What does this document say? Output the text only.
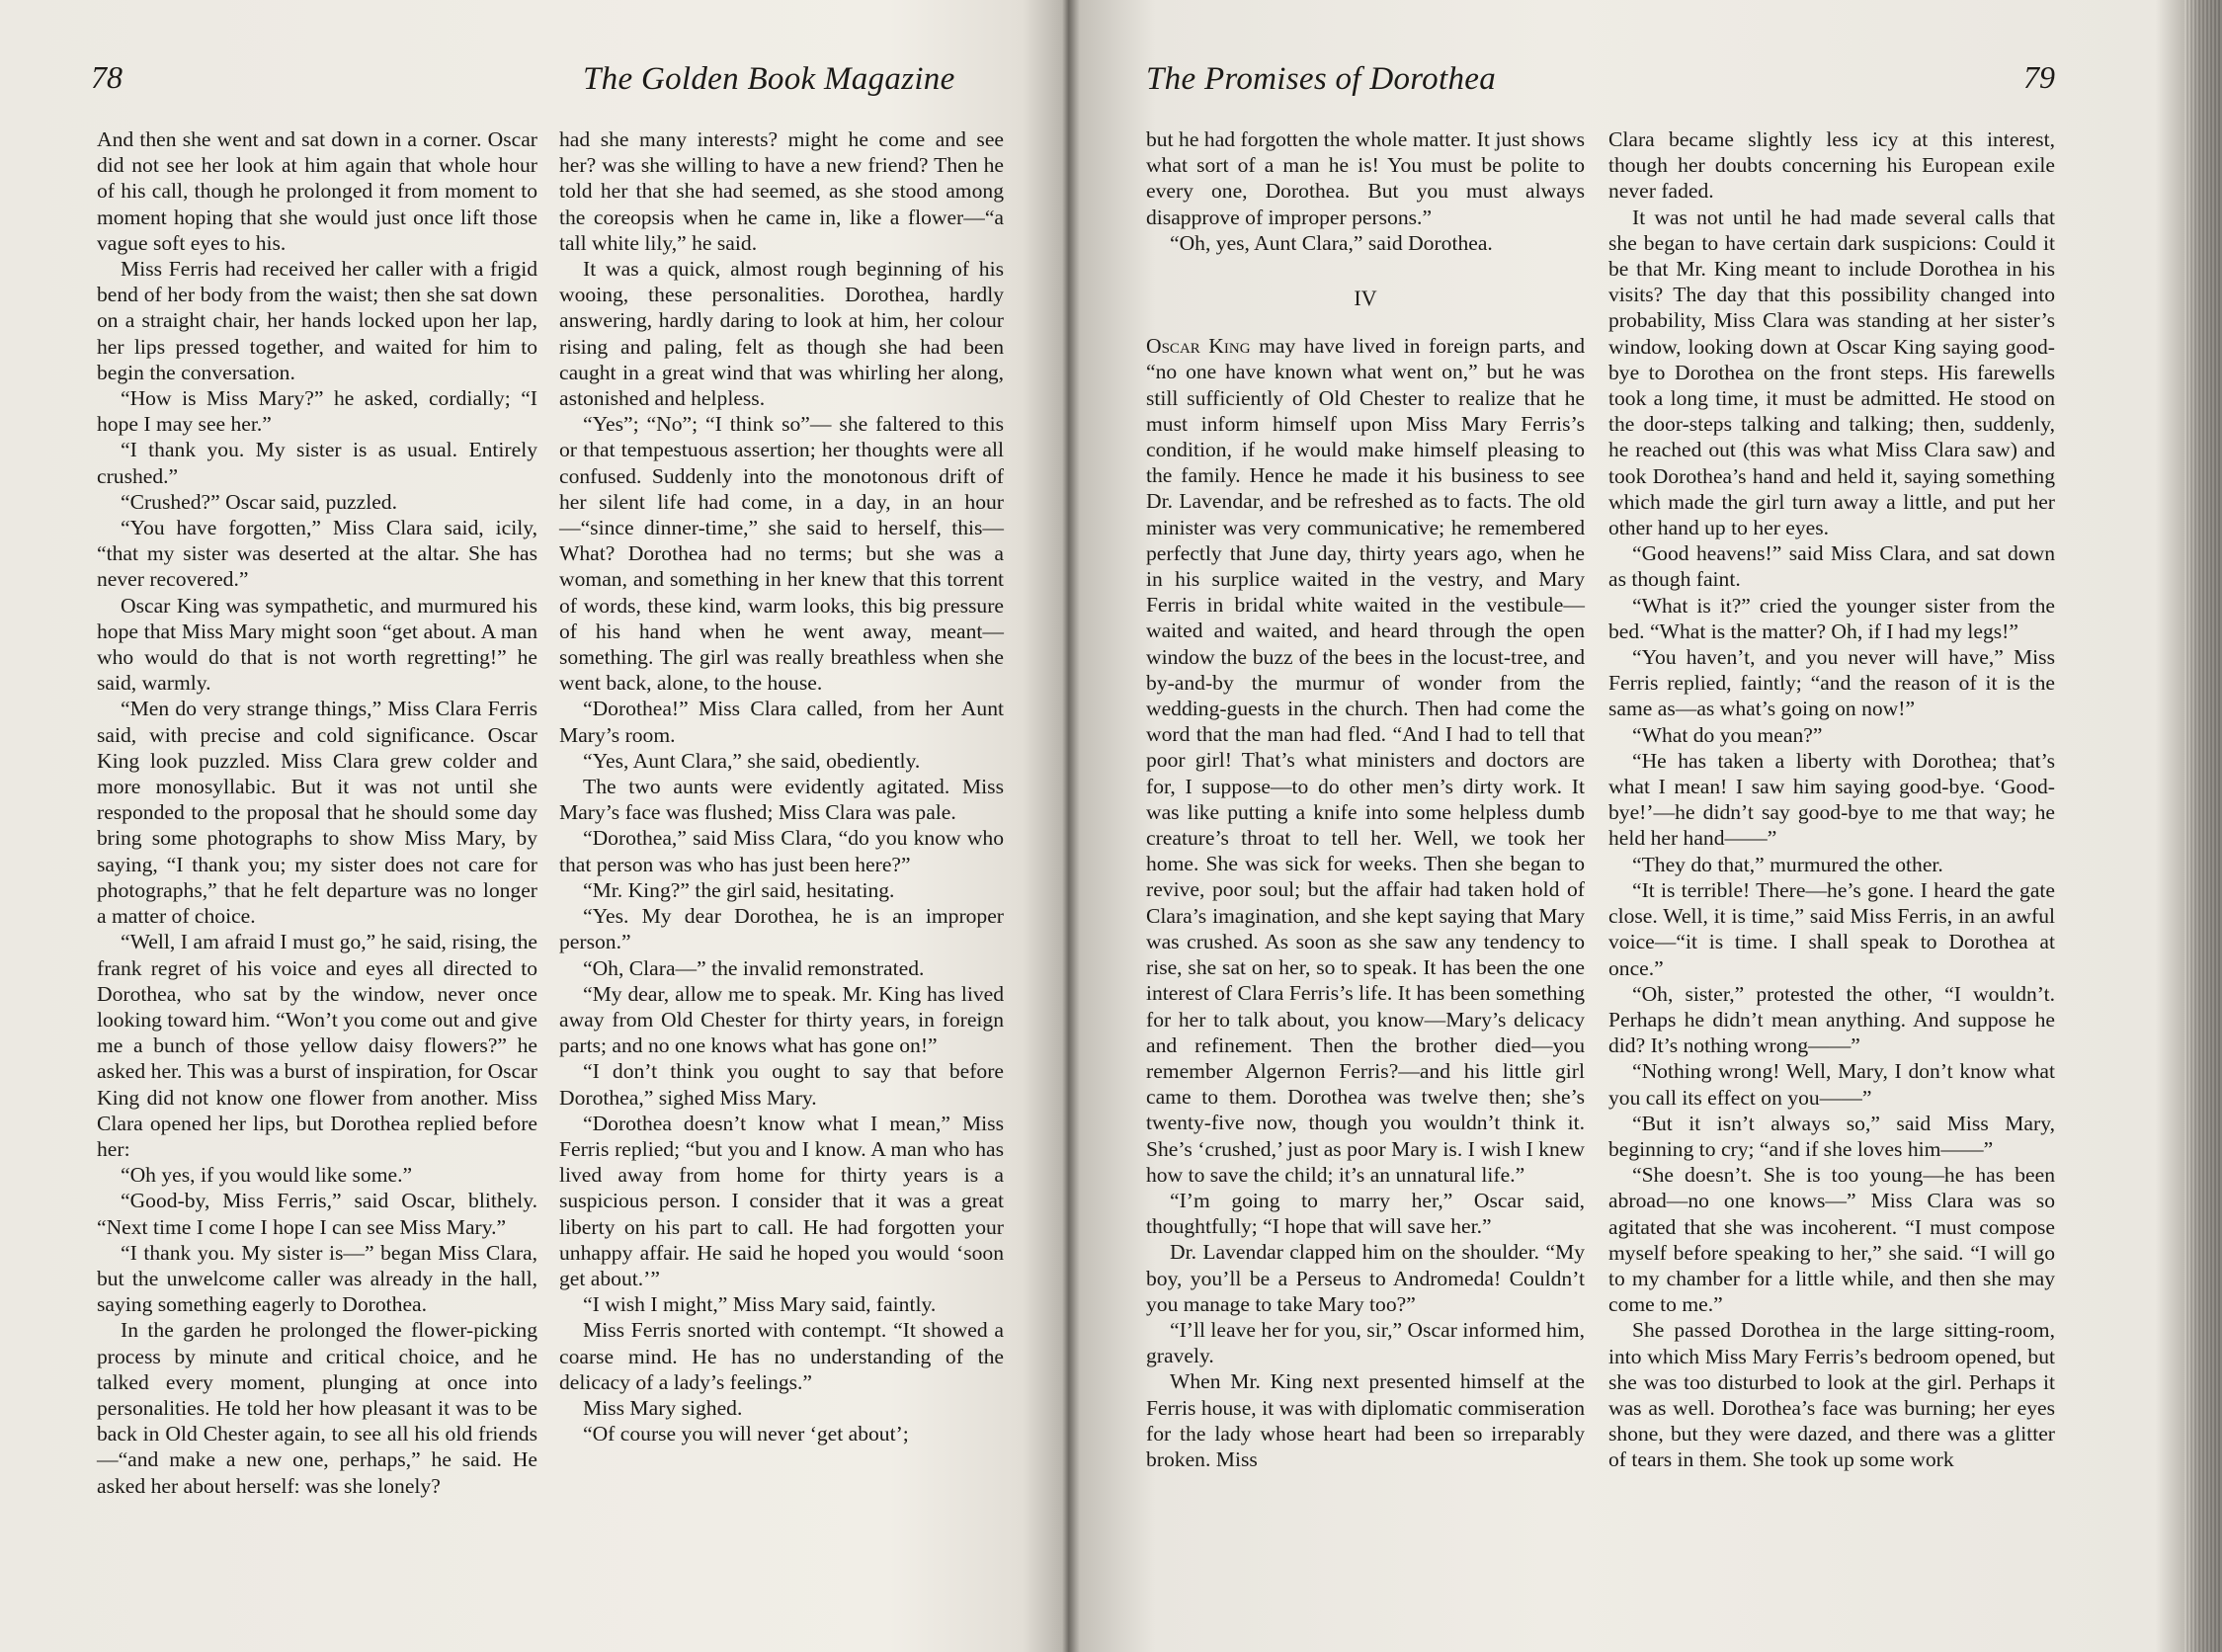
78	The Golden Book Magazine

And then she went and sat down in a corner. Oscar did not see her look at him again that whole hour of his call, though he prolonged it from moment to moment hoping that she would just once lift those vague soft eyes to his.

Miss Ferris had received her caller with a frigid bend of her body from the waist; then she sat down on a straight chair, her hands locked upon her lap, her lips pressed together, and waited for him to begin the conversation.

“How is Miss Mary?” he asked, cordially; “I hope I may see her.”

“I thank you. My sister is as usual. Entirely crushed.”

“Crushed?” Oscar said, puzzled.

“You have forgotten,” Miss Clara said, icily, “that my sister was deserted at the altar. She has never recovered.”

Oscar King was sympathetic, and murmured his hope that Miss Mary might soon “get about. A man who would do that is not worth regretting!” he said, warmly.

“Men do very strange things,” Miss Clara Ferris said, with precise and cold significance. Oscar King look puzzled. Miss Clara grew colder and more monosyllabic. But it was not until she responded to the proposal that he should some day bring some photographs to show Miss Mary, by saying, “I thank you; my sister does not care for photographs,” that he felt departure was no longer a matter of choice.

“Well, I am afraid I must go,” he said, rising, the frank regret of his voice and eyes all directed to Dorothea, who sat by the window, never once looking toward him. “Won’t you come out and give me a bunch of those yellow daisy flowers?” he asked her. This was a burst of inspiration, for Oscar King did not know one flower from another. Miss Clara opened her lips, but Dorothea replied before her:

“Oh yes, if you would like some.”

“Good-by, Miss Ferris,” said Oscar, blithely. “Next time I come I hope I can see Miss Mary.”

“I thank you. My sister is—” began Miss Clara, but the unwelcome caller was already in the hall, saying something eagerly to Dorothea.

In the garden he prolonged the flower-picking process by minute and critical choice, and he talked every moment, plunging at once into personalities. He told her how pleasant it was to be back in Old Chester again, to see all his old friends—“and make a new one, perhaps,” he said. He asked her about herself: was she lonely?

had she many interests? might he come and see her? was she willing to have a new friend? Then he told her that she had seemed, as she stood among the coreopsis when he came in, like a flower—“a tall white lily,” he said.

It was a quick, almost rough beginning of his wooing, these personalities. Dorothea, hardly answering, hardly daring to look at him, her colour rising and paling, felt as though she had been caught in a great wind that was whirling her along, astonished and helpless.

“Yes”; “No”; “I think so”— she faltered to this or that tempestuous assertion; her thoughts were all confused. Suddenly into the monotonous drift of her silent life had come, in a day, in an hour—“since dinner-time,” she said to herself, this—What? Dorothea had no terms; but she was a woman, and something in her knew that this torrent of words, these kind, warm looks, this big pressure of his hand when he went away, meant—something. The girl was really breathless when she went back, alone, to the house.

“Dorothea!” Miss Clara called, from her Aunt Mary’s room.

“Yes, Aunt Clara,” she said, obediently.

The two aunts were evidently agitated. Miss Mary’s face was flushed; Miss Clara was pale.

“Dorothea,” said Miss Clara, “do you know who that person was who has just been here?”

“Mr. King?” the girl said, hesitating.

“Yes. My dear Dorothea, he is an improper person.”

“Oh, Clara—” the invalid remonstrated.

“My dear, allow me to speak. Mr. King has lived away from Old Chester for thirty years, in foreign parts; and no one knows what has gone on!”

“I don’t think you ought to say that before Dorothea,” sighed Miss Mary.

“Dorothea doesn’t know what I mean,” Miss Ferris replied; “but you and I know. A man who has lived away from home for thirty years is a suspicious person. I consider that it was a great liberty on his part to call. He had forgotten your unhappy affair. He said he hoped you would ‘soon get about.’”

“I wish I might,” Miss Mary said, faintly.

Miss Ferris snorted with contempt. “It showed a coarse mind. He has no understanding of the delicacy of a lady’s feelings.”

Miss Mary sighed.

“Of course you will never ‘get about’;

The Promises of Dorothea	79

but he had forgotten the whole matter. It just shows what sort of a man he is! You must be polite to every one, Dorothea. But you must always disapprove of improper persons.”

“Oh, yes, Aunt Clara,” said Dorothea.

IV

Oscar King may have lived in foreign parts, and “no one have known what went on,” but he was still sufficiently of Old Chester to realize that he must inform himself upon Miss Mary Ferris’s condition, if he would make himself pleasing to the family. Hence he made it his business to see Dr. Lavendar, and be refreshed as to facts. The old minister was very communicative; he remembered perfectly that June day, thirty years ago, when he in his surplice waited in the vestry, and Mary Ferris in bridal white waited in the vestibule—waited and waited, and heard through the open window the buzz of the bees in the locust-tree, and by-and-by the murmur of wonder from the wedding-guests in the church. Then had come the word that the man had fled. “And I had to tell that poor girl! That’s what ministers and doctors are for, I suppose—to do other men’s dirty work. It was like putting a knife into some helpless dumb creature’s throat to tell her. Well, we took her home. She was sick for weeks. Then she began to revive, poor soul; but the affair had taken hold of Clara’s imagination, and she kept saying that Mary was crushed. As soon as she saw any tendency to rise, she sat on her, so to speak. It has been the one interest of Clara Ferris’s life. It has been something for her to talk about, you know—Mary’s delicacy and refinement. Then the brother died—you remember Algernon Ferris?—and his little girl came to them. Dorothea was twelve then; she’s twenty-five now, though you wouldn’t think it. She’s ‘crushed,’ just as poor Mary is. I wish I knew how to save the child; it’s an unnatural life.”

“I’m going to marry her,” Oscar said, thoughtfully; “I hope that will save her.”

Dr. Lavendar clapped him on the shoulder. “My boy, you’ll be a Perseus to Andromeda! Couldn’t you manage to take Mary too?”

“I’ll leave her for you, sir,” Oscar informed him, gravely.

When Mr. King next presented himself at the Ferris house, it was with diplomatic commiseration for the lady whose heart had been so irreparably broken. Miss

Clara became slightly less icy at this interest, though her doubts concerning his European exile never faded.

It was not until he had made several calls that she began to have certain dark suspicions: Could it be that Mr. King meant to include Dorothea in his visits? The day that this possibility changed into probability, Miss Clara was standing at her sister’s window, looking down at Oscar King saying good-bye to Dorothea on the front steps. His farewells took a long time, it must be admitted. He stood on the door-steps talking and talking; then, suddenly, he reached out (this was what Miss Clara saw) and took Dorothea’s hand and held it, saying something which made the girl turn away a little, and put her other hand up to her eyes.

“Good heavens!” said Miss Clara, and sat down as though faint.

“What is it?” cried the younger sister from the bed. “What is the matter? Oh, if I had my legs!”

“You haven’t, and you never will have,” Miss Ferris replied, faintly; “and the reason of it is the same as—as what’s going on now!”

“What do you mean?”

“He has taken a liberty with Dorothea; that’s what I mean! I saw him saying good-bye. ‘Good-bye!’—he didn’t say good-bye to me that way; he held her hand——”

“They do that,” murmured the other.

“It is terrible! There—he’s gone. I heard the gate close. Well, it is time,” said Miss Ferris, in an awful voice—“it is time. I shall speak to Dorothea at once.”

“Oh, sister,” protested the other, “I wouldn’t. Perhaps he didn’t mean anything. And suppose he did? It’s nothing wrong——”

“Nothing wrong! Well, Mary, I don’t know what you call its effect on you——”

“But it isn’t always so,” said Miss Mary, beginning to cry; “and if she loves him——”

“She doesn’t. She is too young—he has been abroad—no one knows—” Miss Clara was so agitated that she was incoherent. “I must compose myself before speaking to her,” she said. “I will go to my chamber for a little while, and then she may come to me.”

She passed Dorothea in the large sitting-room, into which Miss Mary Ferris’s bedroom opened, but she was too disturbed to look at the girl. Perhaps it was as well. Dorothea’s face was burning; her eyes shone, but they were dazed, and there was a glitter of tears in them. She took up some work
